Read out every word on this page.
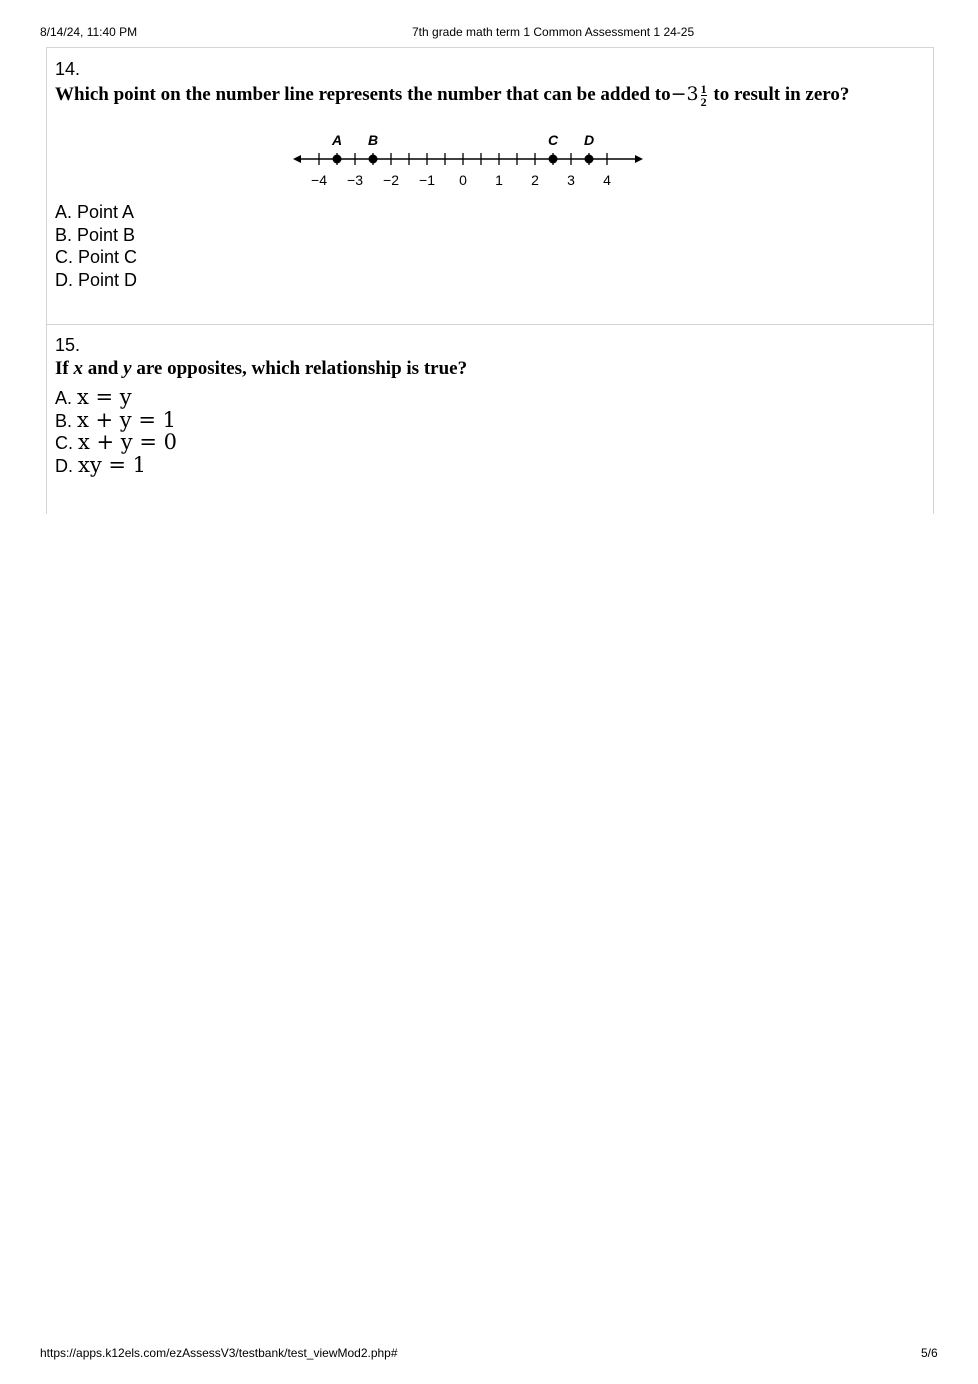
8/14/24, 11:40 PM	7th grade math term 1 Common Assessment 1 24-25
14.
Which point on the number line represents the number that can be added $to-3 \frac{1}{2}$ to result in zero?
−4 −3 −2 −1 0 1 2 3 4
A B	C D
A. Point A
B. Point B
C. Point C
D. Point D
15.
If x and y are opposites, which relationship is true?
A. x = y
B. x + y = 1
C. x + y = 0
D. xy = 1
https://apps.k12els.com/ezAssessV3/testbank/test_viewMod2.php#	5/6
